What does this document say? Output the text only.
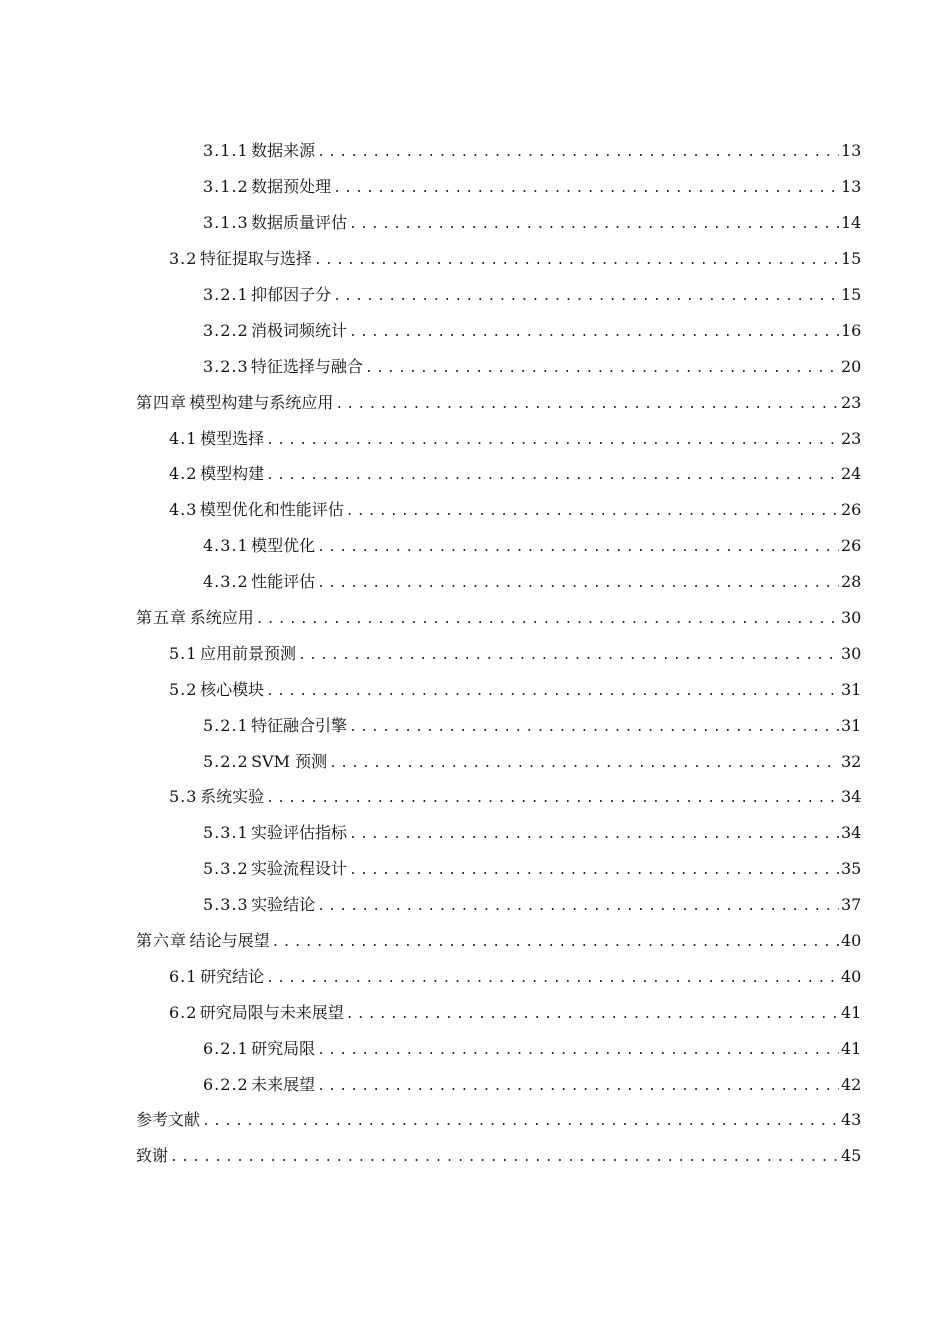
3.1.1 数据来源 .....	13
3.1.2 数据预处理 .....	13
3.1.3 数据质量评估 .....	14
3.2 特征提取与选择 .....	15
3.2.1 抑郁因子分 .....	15
3.2.2 消极词频统计 .....	16
3.2.3 特征选择与融合 .....	20
第四章 模型构建与系统应用 .....	23
4.1 模型选择 .....	23
4.2 模型构建 .....	24
4.3 模型优化和性能评估 .....	26
4.3.1 模型优化 .....	26
4.3.2 性能评估 .....	28
第五章 系统应用 .....	30
5.1 应用前景预测 .....	30
5.2 核心模块 .....	31
5.2.1 特征融合引擎 .....	31
5.2.2 SVM 预测 .....	32
5.3 系统实验 .....	34
5.3.1 实验评估指标 .....	34
5.3.2 实验流程设计 .....	35
5.3.3 实验结论 .....	37
第六章 结论与展望 .....	40
6.1 研究结论 .....	40
6.2 研究局限与未来展望 .....	41
6.2.1 研究局限 .....	41
6.2.2 未来展望 .....	42
参考文献 .....	43
致谢 .....	45
